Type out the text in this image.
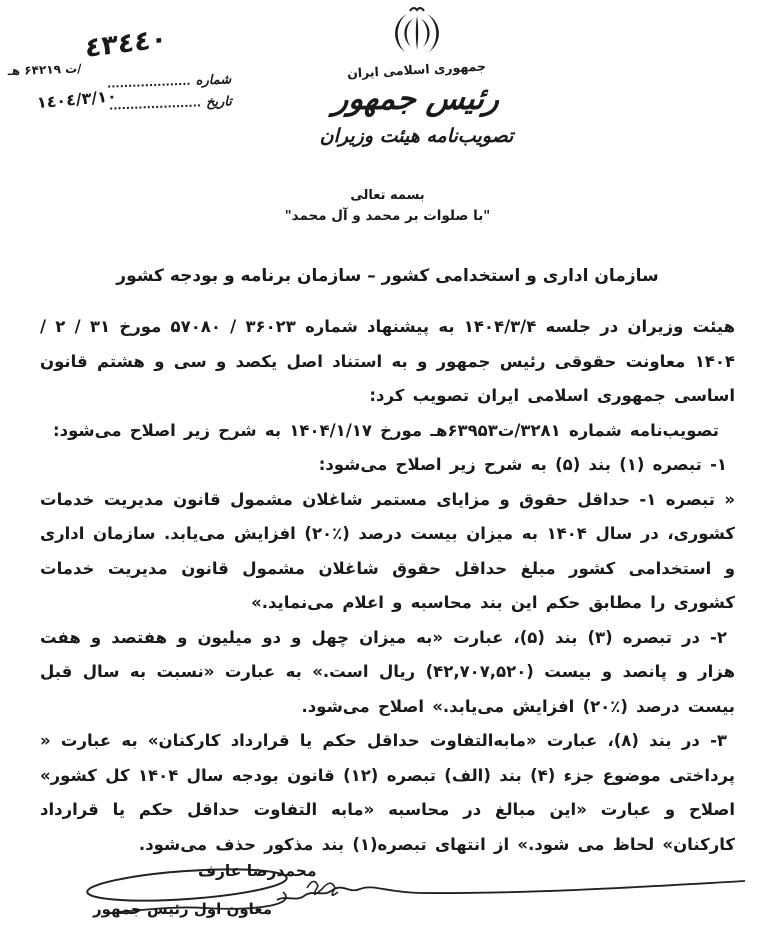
٤٣٤٤٠
/ت ۶۴۲۱۹ هـ
شماره ....................
تاریخ ......................
١٤٠٤/٣/١٠
جمهوری اسلامی ایران
رئیس جمهور
تصویب‌نامه هیئت وزیران
بسمه تعالی
"با صلوات بر محمد و آل محمد"
سازمان اداری و استخدامی کشور – سازمان برنامه و بودجه کشور

هیئت وزیران در جلسه ۱۴۰۴/۳/۴ به پیشنهاد شماره ۳۶۰۲۳ / ۵۷۰۸۰ مورخ ۳۱ / ۲ / ۱۴۰۴ معاونت حقوقی رئیس جمهور و به استناد اصل یکصد و سی و هشتم قانون اساسی جمهوری اسلامی ایران تصویب کرد:

تصویب‌نامه شماره ۳۲۸۱/ت۶۳۹۵۳هـ مورخ ۱۴۰۴/۱/۱۷ به شرح زیر اصلاح می‌شود:

۱- تبصره (۱) بند (۵) به شرح زیر اصلاح می‌شود:

« تبصره ۱- حداقل حقوق و مزایای مستمر شاغلان مشمول قانون مدیریت خدمات کشوری، در سال ۱۴۰۴ به میزان بیست درصد (٪۲۰) افزایش می‌یابد. سازمان اداری و استخدامی کشور مبلغ حداقل حقوق شاغلان مشمول قانون مدیریت خدمات کشوری را مطابق حکم این بند محاسبه و اعلام می‌نماید.»

۲- در تبصره (۳) بند (۵)، عبارت «به میزان چهل و دو میلیون و هفتصد و هفت هزار و پانصد و بیست (۴۲,۷۰۷,۵۲۰) ریال است.» به عبارت «نسبت به سال قبل بیست درصد (٪۲۰) افزایش می‌یابد.» اصلاح می‌شود.

۳- در بند (۸)، عبارت «مابه‌التفاوت حداقل حکم یا قرارداد کارکنان» به عبارت « پرداختی موضوع جزء (۴) بند (الف) تبصره (۱۲) قانون بودجه سال ۱۴۰۴ کل کشور» اصلاح و عبارت «این مبالغ در محاسبه «مابه التفاوت حداقل حکم یا قرارداد کارکنان» لحاظ می شود.» از انتهای تبصره(۱) بند مذکور حذف می‌شود.

محمدرضا عارف
معاون اول رئیس جمهور
